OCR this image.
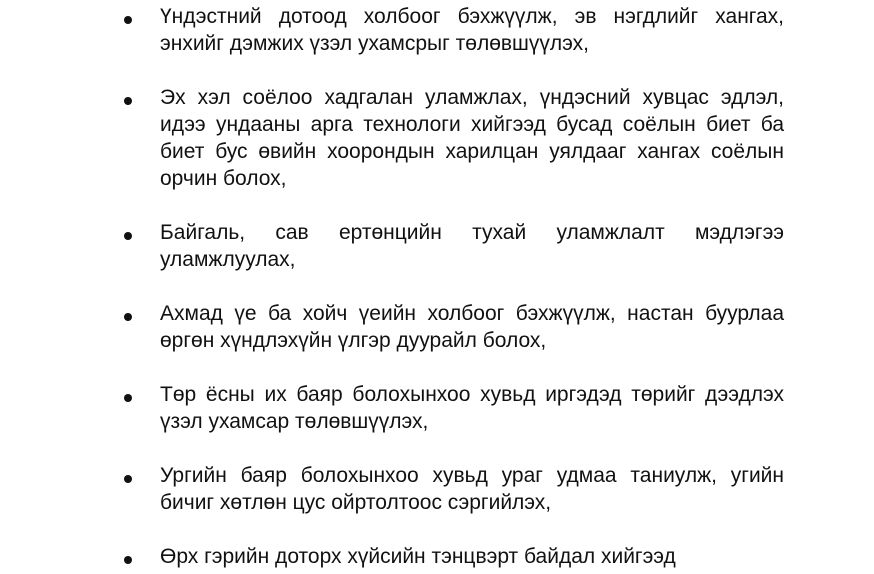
Үндэстний дотоод холбоог бэхжүүлж, эв нэгдлийг хангах, энхийг дэмжих үзэл ухамсрыг төлөвшүүлэх,
Эх хэл соёлоо хадгалан уламжлах, үндэсний хувцас эдлэл, идээ ундааны арга технологи хийгээд бусад соёлын биет ба биет бус өвийн хоорондын харилцан уялдааг хангах соёлын орчин болох,
Байгаль, сав ертөнцийн тухай уламжлалт мэдлэгээ уламжлуулах,
Ахмад үе ба хойч үеийн холбоог бэхжүүлж, настан буурлаа өргөн хүндлэхүйн үлгэр дуурайл болох,
Төр ёсны их баяр болохынхоо хувьд иргэдэд төрийг дээдлэх үзэл ухамсар төлөвшүүлэх,
Ургийн баяр болохынхоо хувьд ураг удмаа таниулж, угийн бичиг хөтлөн цус ойртолтоос сэргийлэх,
Өрх гэрийн доторх хүйсийн тэнцвэрт байдал хийгээд
